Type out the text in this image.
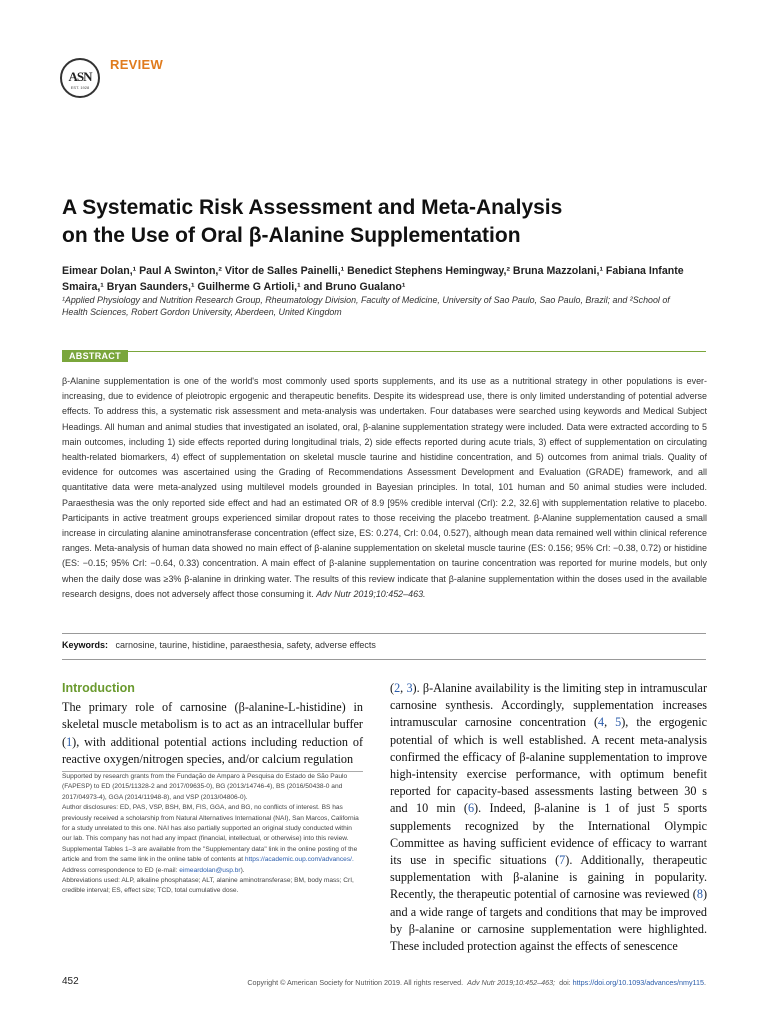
ASN
EST. 1928
REVIEW
A Systematic Risk Assessment and Meta-Analysis
on the Use of Oral β-Alanine Supplementation
Eimear Dolan,¹ Paul A Swinton,² Vitor de Salles Painelli,¹ Benedict Stephens Hemingway,² Bruna Mazzolani,¹ Fabiana Infante
Smaira,¹ Bryan Saunders,¹ Guilherme G Artioli,¹ and Bruno Gualano¹
¹Applied Physiology and Nutrition Research Group, Rheumatology Division, Faculty of Medicine, University of Sao Paulo, Sao Paulo, Brazil; and ²School of
Health Sciences, Robert Gordon University, Aberdeen, United Kingdom
ABSTRACT
β-Alanine supplementation is one of the world's most commonly used sports supplements, and its use as a nutritional strategy in other populations is ever-increasing, due to evidence of pleiotropic ergogenic and therapeutic benefits. Despite its widespread use, there is only limited understanding of potential adverse effects. To address this, a systematic risk assessment and meta-analysis was undertaken. Four databases were searched using keywords and Medical Subject Headings. All human and animal studies that investigated an isolated, oral, β-alanine supplementation strategy were included. Data were extracted according to 5 main outcomes, including 1) side effects reported during longitudinal trials, 2) side effects reported during acute trials, 3) effect of supplementation on circulating health-related biomarkers, 4) effect of supplementation on skeletal muscle taurine and histidine concentration, and 5) outcomes from animal trials. Quality of evidence for outcomes was ascertained using the Grading of Recommendations Assessment Development and Evaluation (GRADE) framework, and all quantitative data were meta-analyzed using multilevel models grounded in Bayesian principles. In total, 101 human and 50 animal studies were included. Paraesthesia was the only reported side effect and had an estimated OR of 8.9 [95% credible interval (CrI): 2.2, 32.6] with supplementation relative to placebo. Participants in active treatment groups experienced similar dropout rates to those receiving the placebo treatment. β-Alanine supplementation caused a small increase in circulating alanine aminotransferase concentration (effect size, ES: 0.274, CrI: 0.04, 0.527), although mean data remained well within clinical reference ranges. Meta-analysis of human data showed no main effect of β-alanine supplementation on skeletal muscle taurine (ES: 0.156; 95% CrI: −0.38, 0.72) or histidine (ES: −0.15; 95% CrI: −0.64, 0.33) concentration. A main effect of β-alanine supplementation on taurine concentration was reported for murine models, but only when the daily dose was ≥3% β-alanine in drinking water. The results of this review indicate that β-alanine supplementation within the doses used in the available research designs, does not adversely affect those consuming it. Adv Nutr 2019;10:452–463.
Keywords: carnosine, taurine, histidine, paraesthesia, safety, adverse effects
Introduction
The primary role of carnosine (β-alanine-L-histidine) in skeletal muscle metabolism is to act as an intracellular buffer (1), with additional potential actions including reduction of reactive oxygen/nitrogen species, and/or calcium regulation

Supported by research grants from the Fundação de Amparo à Pesquisa do Estado de São Paulo (FAPESP) to ED (2015/11328-2 and 2017/09635-0), BG (2013/14746-4), BS (2016/50438-0 and 2017/04973-4), GGA (2014/11948-8), and VSP (2013/04806-0).

Author disclosures: ED, PAS, VSP, BSH, BM, FIS, GGA, and BG, no conflicts of interest. BS has previously received a scholarship from Natural Alternatives International (NAI), San Marcos, California for a study unrelated to this one. NAI has also partially supported an original study conducted within our lab. This company has not had any impact (financial, intellectual, or otherwise) into this review.

Supplemental Tables 1–3 are available from the "Supplementary data" link in the online posting of the article and from the same link in the online table of contents at https://academic.oup.com/advances/.

Address correspondence to ED (e-mail: eimeardolan@usp.br).

Abbreviations used: ALP, alkaline phosphatase; ALT, alanine aminotransferase; BM, body mass; CrI, credible interval; ES, effect size; TCD, total cumulative dose.

(2, 3). β-Alanine availability is the limiting step in intramuscular carnosine synthesis. Accordingly, supplementation increases intramuscular carnosine concentration (4, 5), the ergogenic potential of which is well established. A recent meta-analysis confirmed the efficacy of β-alanine supplementation to improve high-intensity exercise performance, with optimum benefit reported for capacity-based assessments lasting between 30 s and 10 min (6). Indeed, β-alanine is 1 of just 5 sports supplements recognized by the International Olympic Committee as having sufficient evidence of efficacy to warrant its use in specific situations (7). Additionally, therapeutic supplementation with β-alanine is gaining in popularity. Recently, the therapeutic potential of carnosine was reviewed (8) and a wide range of targets and conditions that may be improved by β-alanine or carnosine supplementation were highlighted. These included protection against the effects of senescence
452	Copyright © American Society for Nutrition 2019. All rights reserved. Adv Nutr 2019;10:452–463; doi: https://doi.org/10.1093/advances/nmy115.
